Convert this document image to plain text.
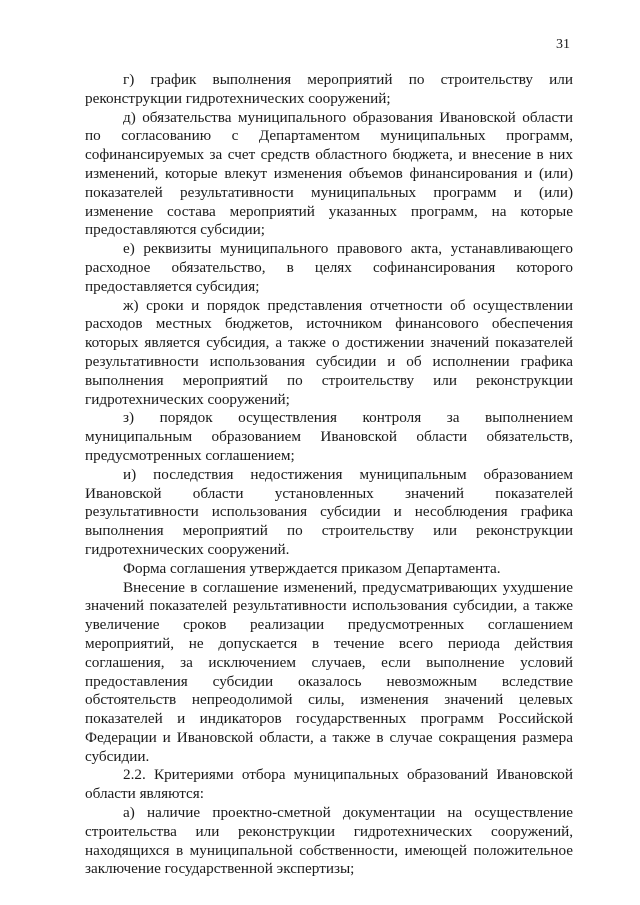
31

г) график выполнения мероприятий по строительству или реконструкции гидротехнических сооружений;

д) обязательства муниципального образования Ивановской области по согласованию с Департаментом муниципальных программ, софинансируемых за счет средств областного бюджета, и внесение в них изменений, которые влекут изменения объемов финансирования и (или) показателей результативности муниципальных программ и (или) изменение состава мероприятий указанных программ, на которые предоставляются субсидии;

е) реквизиты муниципального правового акта, устанавливающего расходное обязательство, в целях софинансирования которого предоставляется субсидия;

ж) сроки и порядок представления отчетности об осуществлении расходов местных бюджетов, источником финансового обеспечения которых является субсидия, а также о достижении значений показателей результативности использования субсидии и об исполнении графика выполнения мероприятий по строительству или реконструкции гидротехнических сооружений;

з) порядок осуществления контроля за выполнением муниципальным образованием Ивановской области обязательств, предусмотренных соглашением;

и) последствия недостижения муниципальным образованием Ивановской области установленных значений показателей результативности использования субсидии и несоблюдения графика выполнения мероприятий по строительству или реконструкции гидротехнических сооружений.

Форма соглашения утверждается приказом Департамента.

Внесение в соглашение изменений, предусматривающих ухудшение значений показателей результативности использования субсидии, а также увеличение сроков реализации предусмотренных соглашением мероприятий, не допускается в течение всего периода действия соглашения, за исключением случаев, если выполнение условий предоставления субсидии оказалось невозможным вследствие обстоятельств непреодолимой силы, изменения значений целевых показателей и индикаторов государственных программ Российской Федерации и Ивановской области, а также в случае сокращения размера субсидии.

2.2. Критериями отбора муниципальных образований Ивановской области являются:

а) наличие проектно-сметной документации на осуществление строительства или реконструкции гидротехнических сооружений, находящихся в муниципальной собственности, имеющей положительное заключение государственной экспертизы;
